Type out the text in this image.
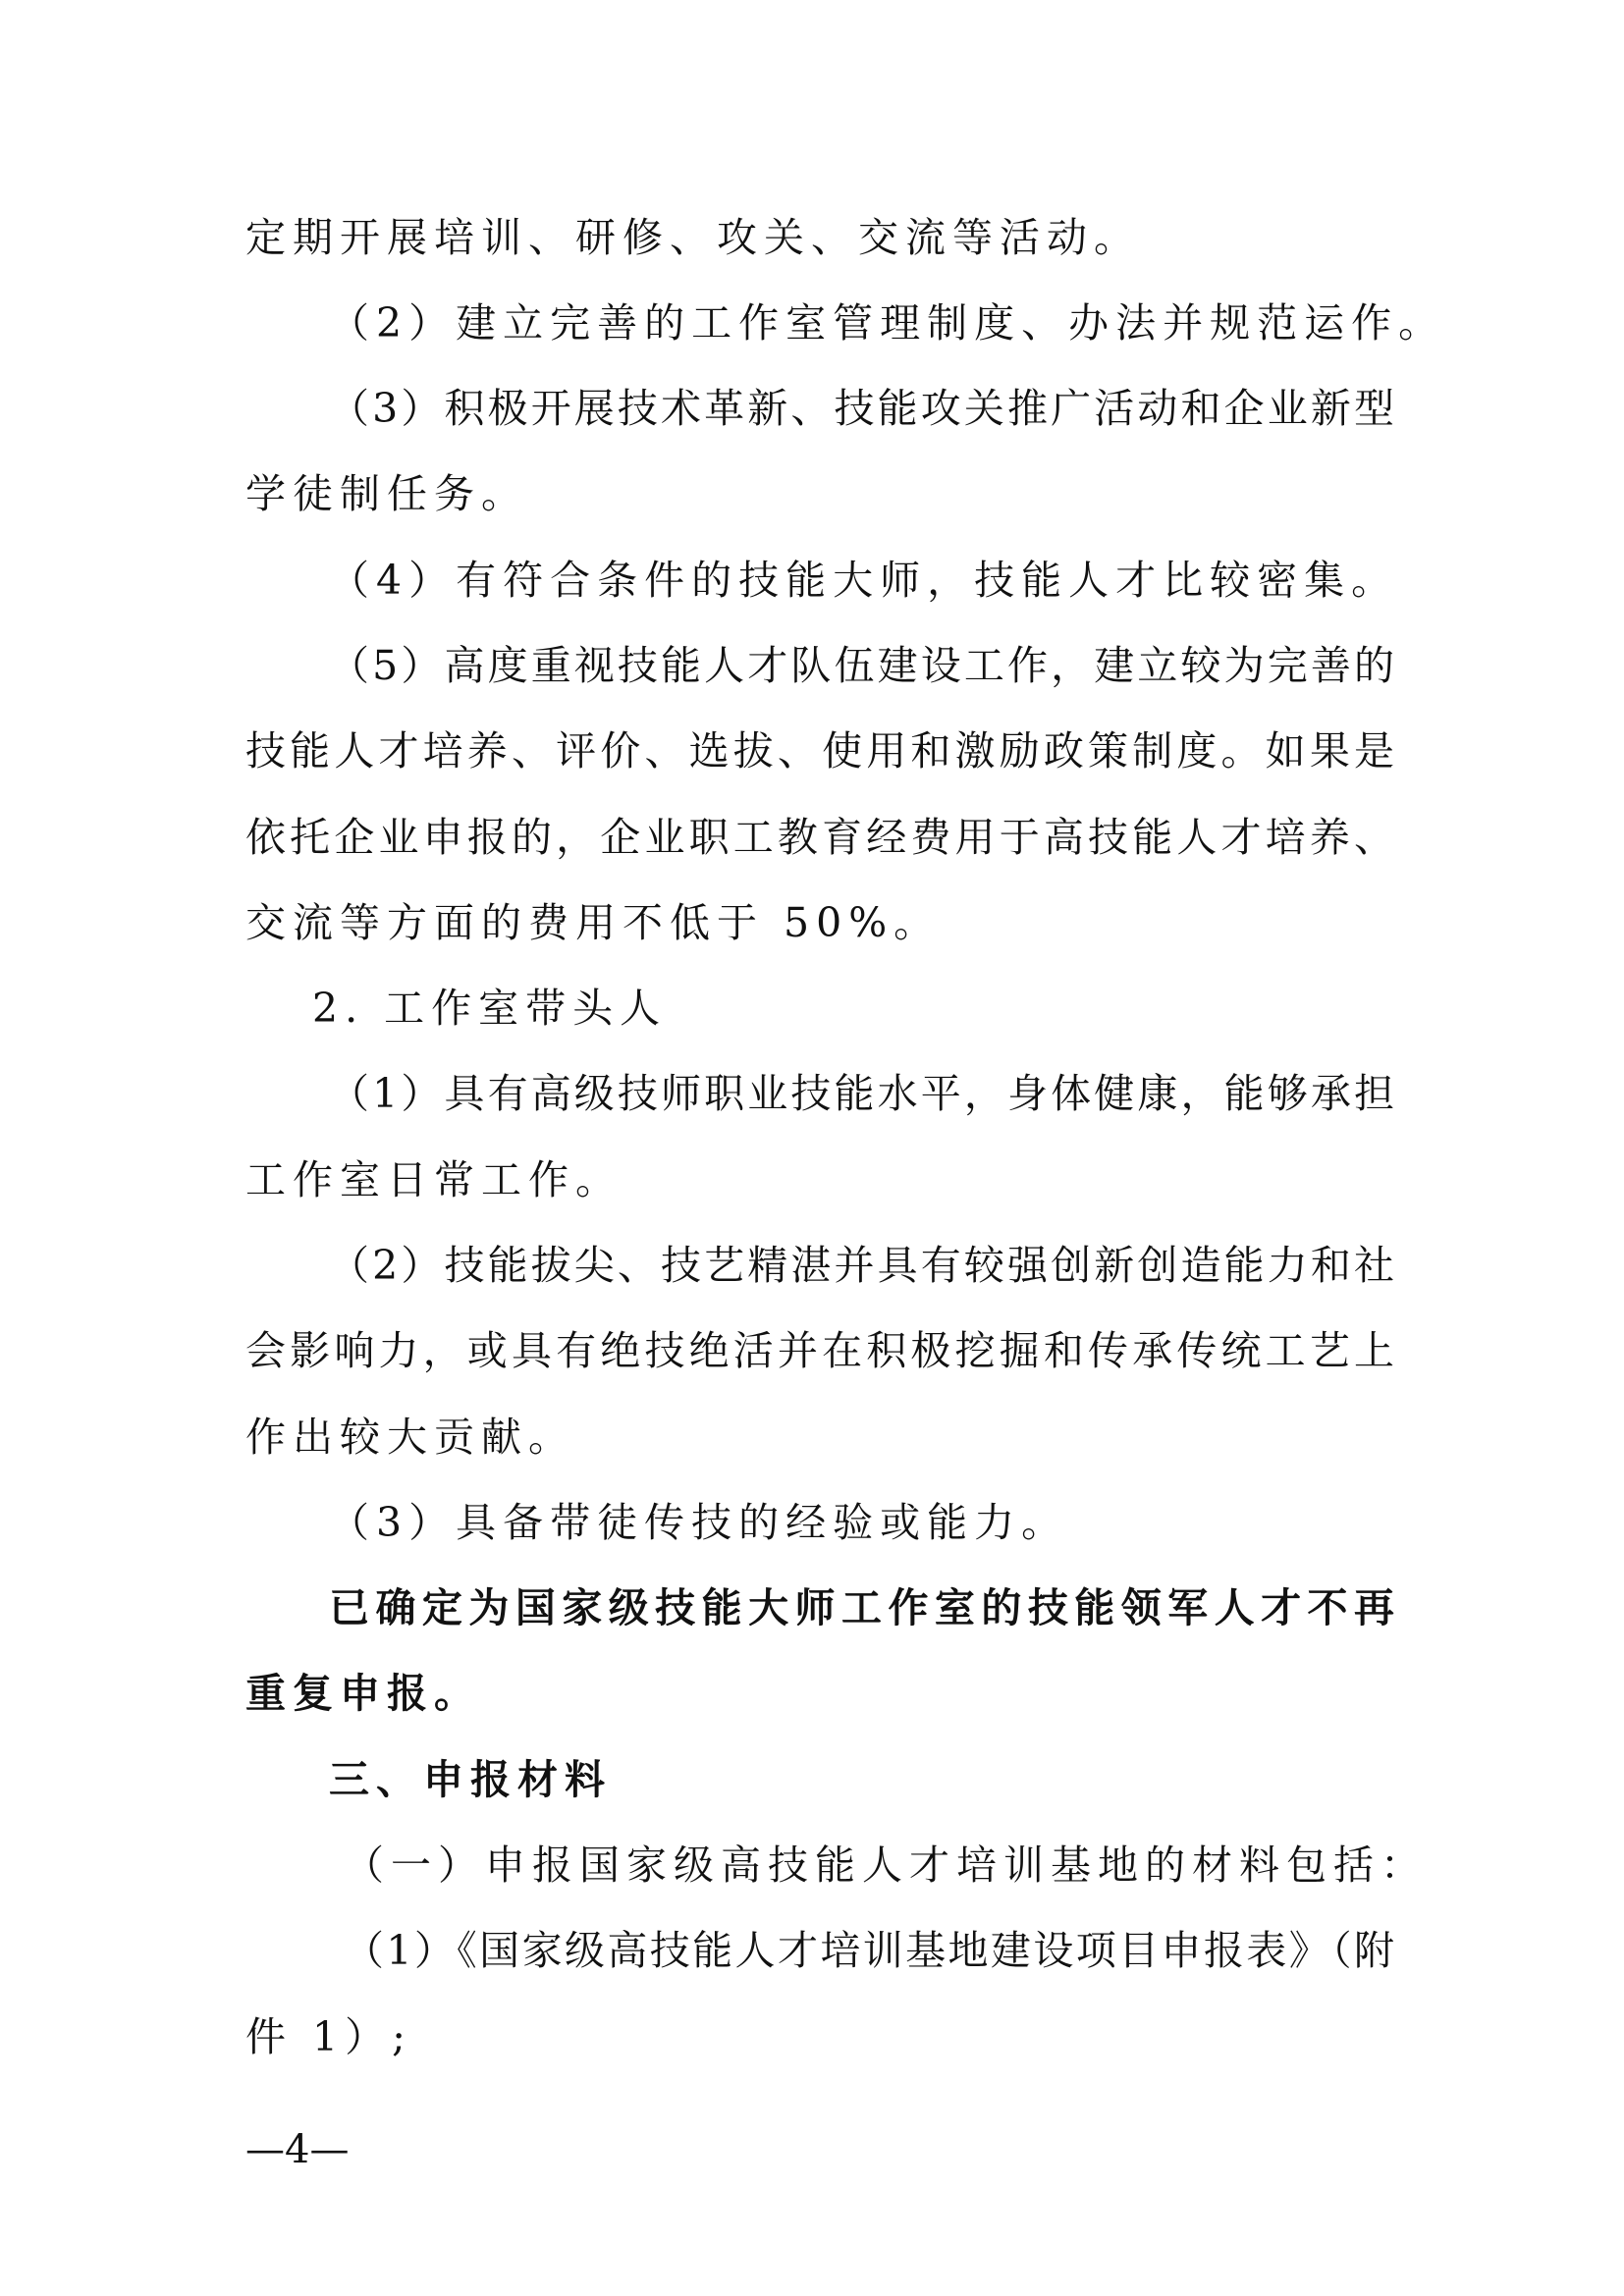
定期开展培训、研修、攻关、交流等活动。

（2）建立完善的工作室管理制度、办法并规范运作。

（3）积极开展技术革新、技能攻关推广活动和企业新型

学徒制任务。

（4）有符合条件的技能大师，技能人才比较密集。

（5）高度重视技能人才队伍建设工作，建立较为完善的

技能人才培养、评价、选拔、使用和激励政策制度。如果是

依托企业申报的，企业职工教育经费用于高技能人才培养、

交流等方面的费用不低于 50%。

2. 工作室带头人

（1）具有高级技师职业技能水平，身体健康，能够承担

工作室日常工作。

（2）技能拔尖、技艺精湛并具有较强创新创造能力和社

会影响力，或具有绝技绝活并在积极挖掘和传承传统工艺上

作出较大贡献。

（3）具备带徒传技的经验或能力。

已确定为国家级技能大师工作室的技能领军人才不再

重复申报。

三、申报材料

（一）申报国家级高技能人才培训基地的材料包括：

（1）《国家级高技能人才培训基地建设项目申报表》（附

件 1）;

—4—
